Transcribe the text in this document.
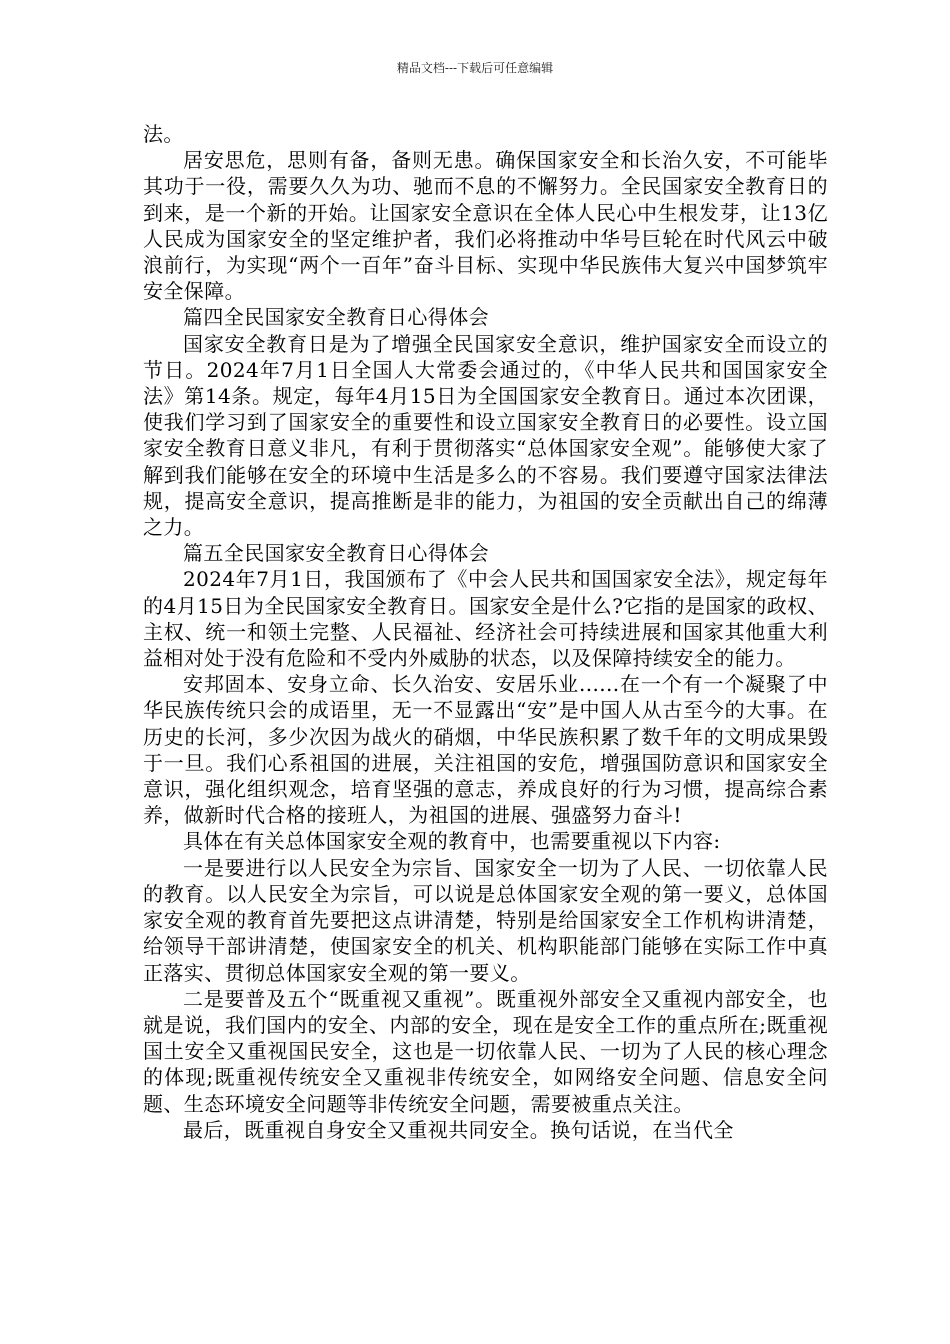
精品文档---下载后可任意编辑

法。

居安思危，思则有备，备则无患。确保国家安全和长治久安，不可能毕其功于一役，需要久久为功、驰而不息的不懈努力。全民国家安全教育日的到来，是一个新的开始。让国家安全意识在全体人民心中生根发芽，让13亿人民成为国家安全的坚定维护者，我们必将推动中华号巨轮在时代风云中破浪前行，为实现“两个一百年”奋斗目标、实现中华民族伟大复兴中国梦筑牢安全保障。

篇四全民国家安全教育日心得体会

国家安全教育日是为了增强全民国家安全意识，维护国家安全而设立的节日。2024年7月1日全国人大常委会通过的，《中华人民共和国国家安全法》第14条。规定，每年4月15日为全国国家安全教育日。通过本次团课，使我们学习到了国家安全的重要性和设立国家安全教育日的必要性。设立国家安全教育日意义非凡，有利于贯彻落实“总体国家安全观”。能够使大家了解到我们能够在安全的环境中生活是多么的不容易。我们要遵守国家法律法规，提高安全意识，提高推断是非的能力，为祖国的安全贡献出自己的绵薄之力。

篇五全民国家安全教育日心得体会

2024年7月1日，我国颁布了《中会人民共和国国家安全法》，规定每年的4月15日为全民国家安全教育日。国家安全是什么?它指的是国家的政权、主权、统一和领土完整、人民福祉、经济社会可持续进展和国家其他重大利益相对处于没有危险和不受内外威胁的状态，以及保障持续安全的能力。

安邦固本、安身立命、长久治安、安居乐业......在一个有一个凝聚了中华民族传统只会的成语里，无一不显露出“安”是中国人从古至今的大事。在历史的长河，多少次因为战火的硝烟，中华民族积累了数千年的文明成果毁于一旦。我们心系祖国的进展，关注祖国的安危，增强国防意识和国家安全意识，强化组织观念，培育坚强的意志，养成良好的行为习惯，提高综合素养，做新时代合格的接班人，为祖国的进展、强盛努力奋斗!

具体在有关总体国家安全观的教育中，也需要重视以下内容:

一是要进行以人民安全为宗旨、国家安全一切为了人民、一切依靠人民的教育。以人民安全为宗旨，可以说是总体国家安全观的第一要义，总体国家安全观的教育首先要把这点讲清楚，特别是给国家安全工作机构讲清楚，给领导干部讲清楚，使国家安全的机关、机构职能部门能够在实际工作中真正落实、贯彻总体国家安全观的第一要义。

二是要普及五个“既重视又重视”。既重视外部安全又重视内部安全，也就是说，我们国内的安全、内部的安全，现在是安全工作的重点所在;既重视国土安全又重视国民安全，这也是一切依靠人民、一切为了人民的核心理念的体现;既重视传统安全又重视非传统安全，如网络安全问题、信息安全问题、生态环境安全问题等非传统安全问题，需要被重点关注。

最后，既重视自身安全又重视共同安全。换句话说，在当代全
